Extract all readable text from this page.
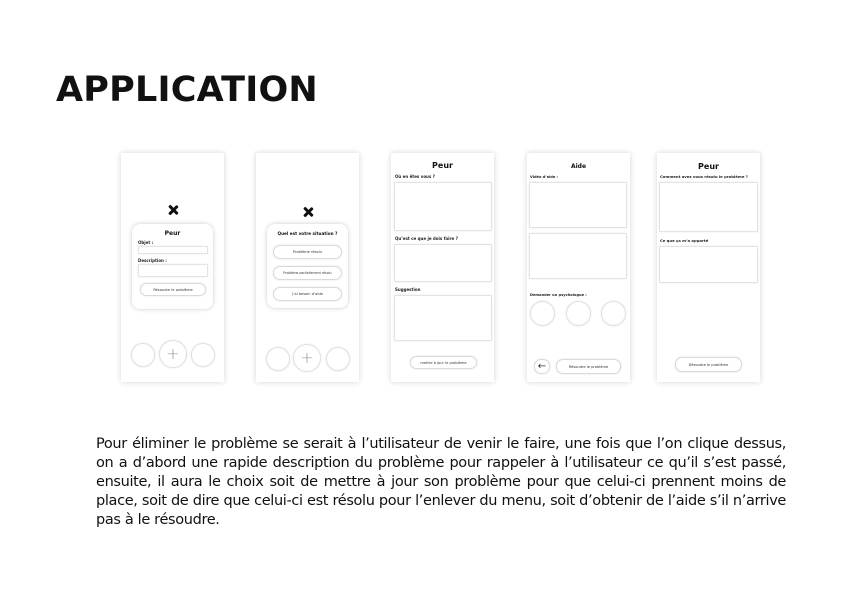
APPLICATION
Peur
Objet :
Description :
Résoudre le problème
+
Quel est votre situation ?
Problème résolu
Problème partiellement résolu
J’ai besoin d’aide
+
Peur
Où en êtes vous ?
Qu’est ce que je dois faire ?
Suggestion
mettre à jour le problème
Aide
Vidéo d’aide :
Demander un psychologue :
←	Résoudre le problème
Peur
Comment avez vous résolu le problème ?
Ce que ça m’a apporté
Désoudre le problème

Pour éliminer le problème se serait à l’utilisateur de venir le faire, une fois que l’on clique dessus, on a d’abord une rapide description du problème pour rappeler à l’utilisateur ce qu’il s’est passé, ensuite, il aura le choix soit de mettre à jour son problème pour que celui-ci prennent moins de place, soit de dire que celui-ci est résolu pour l’enlever du menu, soit d’obtenir de l’aide s’il n’arrive pas à le résoudre.
